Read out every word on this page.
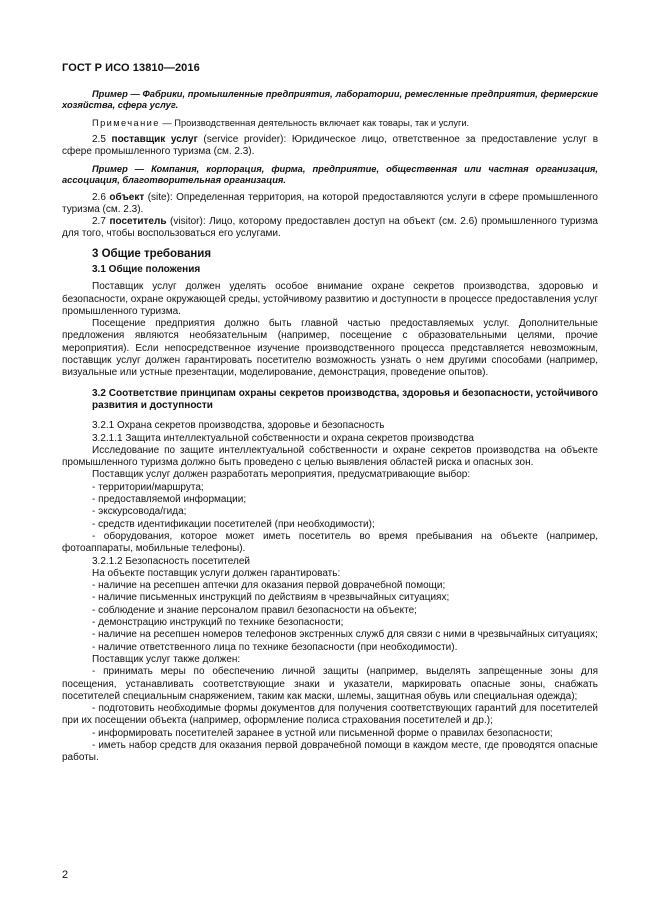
ГОСТ Р ИСО 13810—2016

Пример — Фабрики, промышленные предприятия, лаборатории, ремесленные предприятия, фермерские хозяйства, сфера услуг.

Примечание — Производственная деятельность включает как товары, так и услуги.

2.5 поставщик услуг (service provider): Юридическое лицо, ответственное за предоставление услуг в сфере промышленного туризма (см. 2.3).

Пример — Компания, корпорация, фирма, предприятие, общественная или частная организация, ассоциация, благотворительная организация.

2.6 объект (site): Определенная территория, на которой предоставляются услуги в сфере промышленного туризма (см. 2.3).

2.7 посетитель (visitor): Лицо, которому предоставлен доступ на объект (см. 2.6) промышленного туризма для того, чтобы воспользоваться его услугами.

3 Общие требования

3.1 Общие положения

Поставщик услуг должен уделять особое внимание охране секретов производства, здоровью и безопасности, охране окружающей среды, устойчивому развитию и доступности в процессе предоставления услуг промышленного туризма.

Посещение предприятия должно быть главной частью предоставляемых услуг. Дополнительные предложения являются необязательным (например, посещение с образовательными целями, прочие мероприятия). Если непосредственное изучение производственного процесса представляется невозможным, поставщик услуг должен гарантировать посетителю возможность узнать о нем другими способами (например, визуальные или устные презентации, моделирование, демонстрация, проведение опытов).

3.2 Соответствие принципам охраны секретов производства, здоровья и безопасности, устойчивого развития и доступности

3.2.1 Охрана секретов производства, здоровье и безопасность

3.2.1.1 Защита интеллектуальной собственности и охрана секретов производства

Исследование по защите интеллектуальной собственности и охране секретов производства на объекте промышленного туризма должно быть проведено с целью выявления областей риска и опасных зон.

Поставщик услуг должен разработать мероприятия, предусматривающие выбор:

- территории/маршрута;

- предоставляемой информации;

- экскурсовода/гида;

- средств идентификации посетителей (при необходимости);

- оборудования, которое может иметь посетитель во время пребывания на объекте (например, фотоаппараты, мобильные телефоны).

3.2.1.2 Безопасность посетителей

На объекте поставщик услуги должен гарантировать:

- наличие на ресепшен аптечки для оказания первой доврачебной помощи;

- наличие письменных инструкций по действиям в чрезвычайных ситуациях;

- соблюдение и знание персоналом правил безопасности на объекте;

- демонстрацию инструкций по технике безопасности;

- наличие на ресепшен номеров телефонов экстренных служб для связи с ними в чрезвычайных ситуациях;

- наличие ответственного лица по технике безопасности (при необходимости).

Поставщик услуг также должен:

- принимать меры по обеспечению личной защиты (например, выделять запрещенные зоны для посещения, устанавливать соответствующие знаки и указатели, маркировать опасные зоны, снабжать посетителей специальным снаряжением, таким как маски, шлемы, защитная обувь или специальная одежда);

- подготовить необходимые формы документов для получения соответствующих гарантий для посетителей при их посещении объекта (например, оформление полиса страхования посетителей и др.);

- информировать посетителей заранее в устной или письменной форме о правилах безопасности;

- иметь набор средств для оказания первой доврачебной помощи в каждом месте, где проводятся опасные работы.

2
